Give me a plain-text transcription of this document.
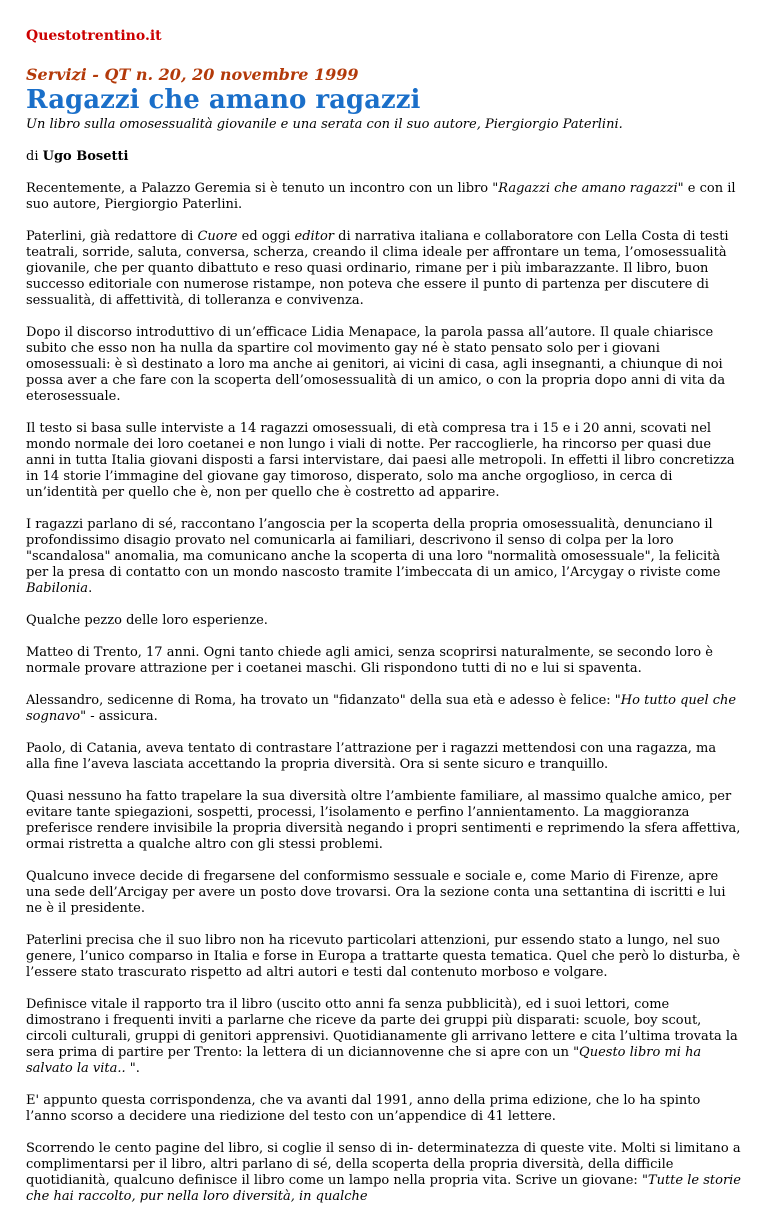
Questotrentino.it
Servizi - QT n. 20, 20 novembre 1999
Ragazzi che amano ragazzi
Un libro sulla omosessualità giovanile e una serata con il suo autore, Piergiorgio Paterlini.
di Ugo Bosetti

Recentemente, a Palazzo Geremia si è tenuto un incontro con un libro "Ragazzi che amano ragazzi" e con il suo autore, Piergiorgio Paterlini.

Paterlini, già redattore di Cuore ed oggi editor di narrativa italiana e collaboratore con Lella Costa di testi teatrali, sorride, saluta, conversa, scherza, creando il clima ideale per affrontare un tema, l’omosessualità giovanile, che per quanto dibattuto e reso quasi ordinario, rimane per i più imbarazzante. Il libro, buon successo editoriale con numerose ristampe, non poteva che essere il punto di partenza per discutere di sessualità, di affettività, di tolleranza e convivenza.

Dopo il discorso introduttivo di un’efficace Lidia Menapace, la parola passa all’autore. Il quale chiarisce subito che esso non ha nulla da spartire col movimento gay né è stato pensato solo per i giovani omosessuali: è sì destinato a loro ma anche ai genitori, ai vicini di casa, agli insegnanti, a chiunque di noi possa aver a che fare con la scoperta dell’omosessualità di un amico, o con la propria dopo anni di vita da eterosessuale.

Il testo si basa sulle interviste a 14 ragazzi omosessuali, di età compresa tra i 15 e i 20 anni, scovati nel mondo normale dei loro coetanei e non lungo i viali di notte. Per raccoglierle, ha rincorso per quasi due anni in tutta Italia giovani disposti a farsi intervistare, dai paesi alle metropoli. In effetti il libro concretizza in 14 storie l’immagine del giovane gay timoroso, disperato, solo ma anche orgoglioso, in cerca di un’identità per quello che è, non per quello che è costretto ad apparire.

I ragazzi parlano di sé, raccontano l’angoscia per la scoperta della propria omosessualità, denunciano il profondissimo disagio provato nel comunicarla ai familiari, descrivono il senso di colpa per la loro "scandalosa" anomalia, ma comunicano anche la scoperta di una loro "normalità omosessuale", la felicità per la presa di contatto con un mondo nascosto tramite l’imbeccata di un amico, l’Arcygay o riviste come Babilonia.

Qualche pezzo delle loro esperienze.

Matteo di Trento, 17 anni. Ogni tanto chiede agli amici, senza scoprirsi naturalmente, se secondo loro è normale provare attrazione per i coetanei maschi. Gli rispondono tutti di no e lui si spaventa.

Alessandro, sedicenne di Roma, ha trovato un "fidanzato" della sua età e adesso è felice: "Ho tutto quel che sognavo" - assicura.

Paolo, di Catania, aveva tentato di contrastare l’attrazione per i ragazzi mettendosi con una ragazza, ma alla fine l’aveva lasciata accettando la propria diversità. Ora si sente sicuro e tranquillo.

Quasi nessuno ha fatto trapelare la sua diversità oltre l’ambiente familiare, al massimo qualche amico, per evitare tante spiegazioni, sospetti, processi, l’isolamento e perfino l’annientamento. La maggioranza preferisce rendere invisibile la propria diversità negando i propri sentimenti e reprimendo la sfera affettiva, ormai ristretta a qualche altro con gli stessi problemi.

Qualcuno invece decide di fregarsene del conformismo sessuale e sociale e, come Mario di Firenze, apre una sede dell’Arcigay per avere un posto dove trovarsi. Ora la sezione conta una settantina di iscritti e lui ne è il presidente.

Paterlini precisa che il suo libro non ha ricevuto particolari attenzioni, pur essendo stato a lungo, nel suo genere, l’unico comparso in Italia e forse in Europa a trattarte questa tematica. Quel che però lo disturba, è l’essere stato trascurato rispetto ad altri autori e testi dal contenuto morboso e volgare.

Definisce vitale il rapporto tra il libro (uscito otto anni fa senza pubblicità), ed i suoi lettori, come dimostrano i frequenti inviti a parlarne che riceve da parte dei gruppi più disparati: scuole, boy scout, circoli culturali, gruppi di genitori apprensivi. Quotidianamente gli arrivano lettere e cita l’ultima trovata la sera prima di partire per Trento: la lettera di un diciannovenne che si apre con un "Questo libro mi ha salvato la vita.. ".

E' appunto questa corrispondenza, che va avanti dal 1991, anno della prima edizione, che lo ha spinto l’anno scorso a decidere una riedizione del testo con un’appendice di 41 lettere.

Scorrendo le cento pagine del libro, si coglie il senso di in- determinatezza di queste vite. Molti si limitano a complimentarsi per il libro, altri parlano di sé, della scoperta della propria diversità, della difficile quotidianità, qualcuno definisce il libro come un lampo nella propria vita. Scrive un giovane: "Tutte le storie che hai raccolto, pur nella loro diversità, in qualche
